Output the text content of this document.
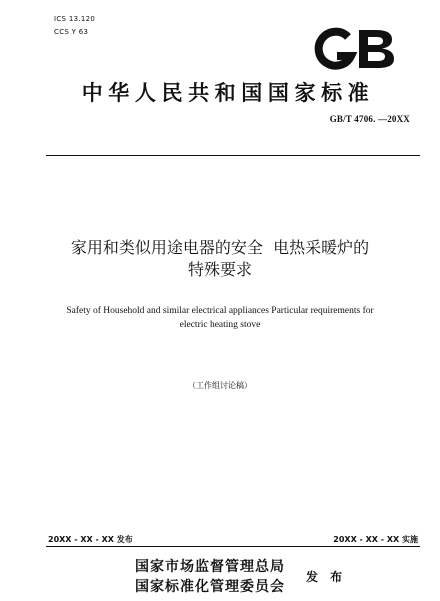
ICS 13.120
CCS Y 63
中华人民共和国国家标准
GB/T 4706. —20XX
家用和类似用途电器的安全  电热采暖炉的
特殊要求
Safety of Household and similar electrical appliances Particular requirements for
electric heating stove
（工作组讨论稿）
20XX - XX - XX 发布	20XX - XX - XX 实施
国家市场监督管理总局
国家标准化管理委员会
发 布
